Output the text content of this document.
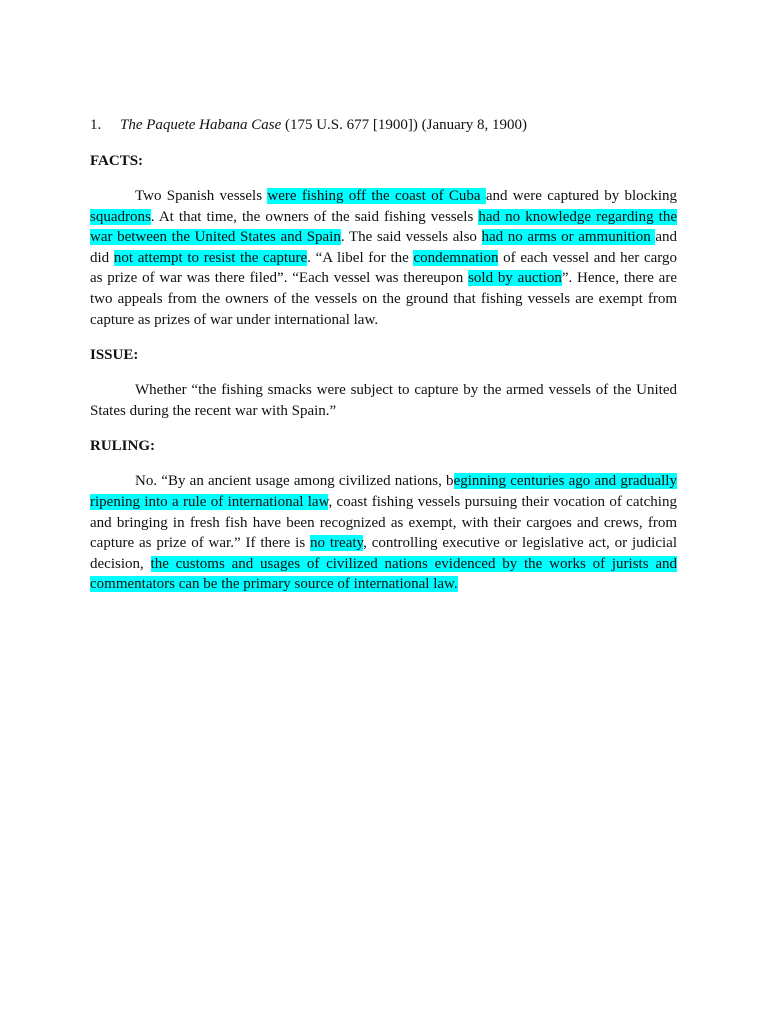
1. The Paquete Habana Case (175 U.S. 677 [1900]) (January 8, 1900)

FACTS:

Two Spanish vessels were fishing off the coast of Cuba and were captured by blocking squadrons. At that time, the owners of the said fishing vessels had no knowledge regarding the war between the United States and Spain. The said vessels also had no arms or ammunition and did not attempt to resist the capture. “A libel for the condemnation of each vessel and her cargo as prize of war was there filed”. “Each vessel was thereupon sold by auction”. Hence, there are two appeals from the owners of the vessels on the ground that fishing vessels are exempt from capture as prizes of war under international law.

ISSUE:

Whether “the fishing smacks were subject to capture by the armed vessels of the United States during the recent war with Spain.”

RULING:

No. “By an ancient usage among civilized nations, beginning centuries ago and gradually ripening into a rule of international law, coast fishing vessels pursuing their vocation of catching and bringing in fresh fish have been recognized as exempt, with their cargoes and crews, from capture as prize of war.” If there is no treaty, controlling executive or legislative act, or judicial decision, the customs and usages of civilized nations evidenced by the works of jurists and commentators can be the primary source of international law.
